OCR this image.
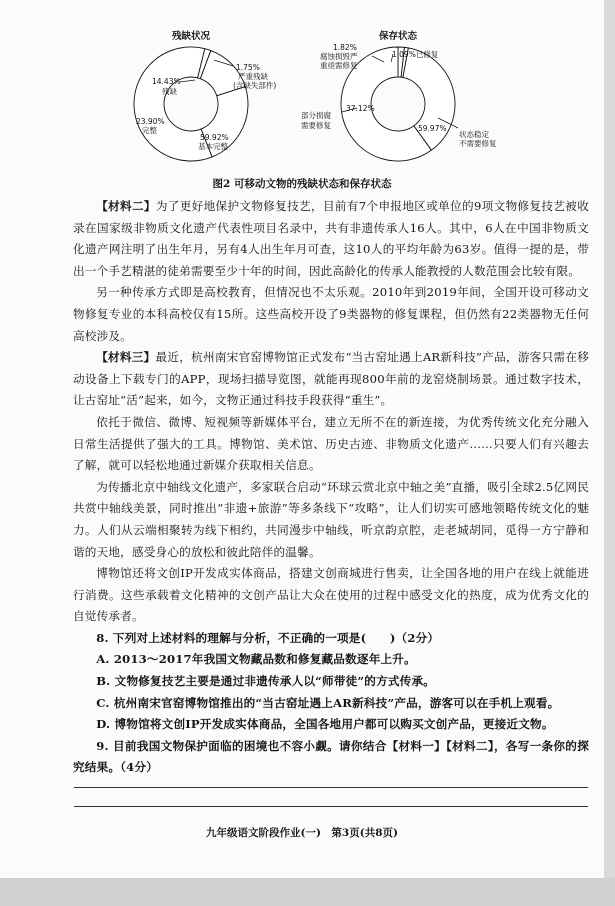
残缺状况
1.75%
严重残缺
(含缺失部件)
14.43%
残缺
23.90%
完整
59.92%
基本完整
保存状态
1.82%
腐蚀损毁严
重亟需修复
1.09%已修复
37.12%
部分损腐
需要修复	59.97%
状态稳定
不需要修复
图2 可移动文物的残缺状态和保存状态

【材料二】为了更好地保护文物修复技艺，目前有7个申报地区或单位的9项文物修复技艺被收录在国家级非物质文化遗产代表性项目名录中，共有非遗传承人16人。其中，6人在中国非物质文化遗产网注明了出生年月，另有4人出生年月可查，这10人的平均年龄为63岁。值得一提的是，带出一个手艺精湛的徒弟需要至少十年的时间，因此高龄化的传承人能教授的人数范围会比较有限。

另一种传承方式即是高校教育，但情况也不太乐观。2010年到2019年间，全国开设可移动文物修复专业的本科高校仅有15所。这些高校开设了9类器物的修复课程，但仍然有22类器物无任何高校涉及。

【材料三】最近，杭州南宋官窑博物馆正式发布“当古窑址遇上AR新科技”产品，游客只需在移动设备上下载专门的APP，现场扫描导览图，就能再现800年前的龙窑烧制场景。通过数字技术，让古窑址“活”起来，如今，文物正通过科技手段获得“重生”。

依托于微信、微博、短视频等新媒体平台，建立无所不在的新连接，为优秀传统文化充分融入日常生活提供了强大的工具。博物馆、美术馆、历史古迹、非物质文化遗产……只要人们有兴趣去了解，就可以轻松地通过新媒介获取相关信息。

为传播北京中轴线文化遗产，多家联合启动“环球云赏北京中轴之美”直播，吸引全球2.5亿网民共赏中轴线美景，同时推出“非遗+旅游”等多条线下“攻略”，让人们切实可感地领略传统文化的魅力。人们从云端相聚转为线下相约，共同漫步中轴线，听京韵京腔，走老城胡同，觅得一方宁静和谐的天地，感受身心的放松和彼此陪伴的温馨。

博物馆还将文创IP开发成实体商品，搭建文创商城进行售卖，让全国各地的用户在线上就能进行消费。这些承载着文化精神的文创产品让大众在使用的过程中感受文化的热度，成为优秀文化的自觉传承者。

8. 下列对上述材料的理解与分析，不正确的一项是(　　)（2分）

A. 2013～2017年我国文物藏品数和修复藏品数逐年上升。

B. 文物修复技艺主要是通过非遗传承人以“师带徒”的方式传承。

C. 杭州南宋官窑博物馆推出的“当古窑址遇上AR新科技”产品，游客可以在手机上观看。

D. 博物馆将文创IP开发成实体商品，全国各地用户都可以购买文创产品，更接近文物。

9. 目前我国文物保护面临的困境也不容小觑。请你结合【材料一】【材料二】，各写一条你的探究结果。（4分）

九年级语文阶段作业(一)　第3页(共8页)
